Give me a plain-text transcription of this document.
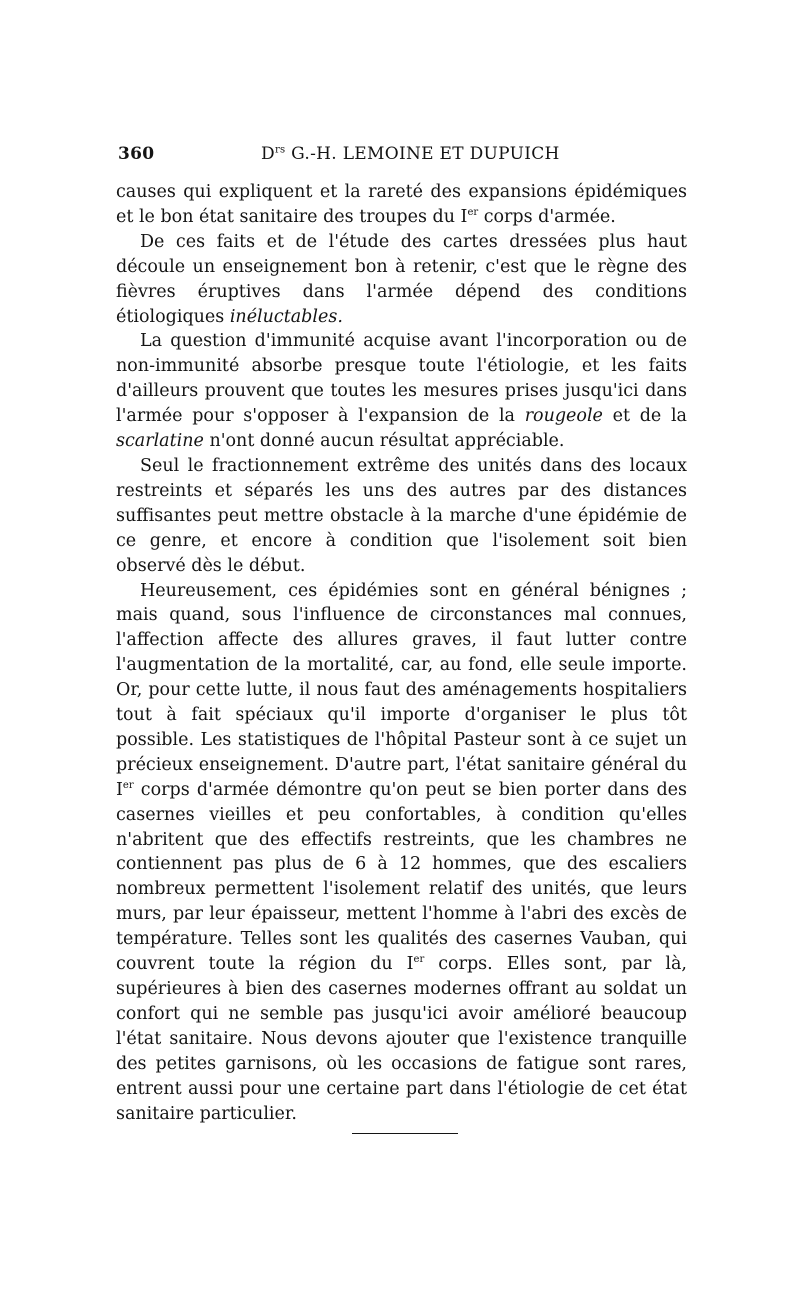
360	$D^{rs}$ G.-H. LEMOINE ET DUPUICH

causes qui expliquent et la rareté des expansions épidémiques et le bon état sanitaire des troupes du Ier corps d'armée.

De ces faits et de l'étude des cartes dressées plus haut découle un enseignement bon à retenir, c'est que le règne des fièvres éruptives dans l'armée dépend des conditions étiologiques inéluctables.

La question d'immunité acquise avant l'incorporation ou de non-immunité absorbe presque toute l'étiologie, et les faits d'ailleurs prouvent que toutes les mesures prises jusqu'ici dans l'armée pour s'opposer à l'expansion de la rougeole et de la scarlatine n'ont donné aucun résultat appréciable.

Seul le fractionnement extrême des unités dans des locaux restreints et séparés les uns des autres par des distances suffisantes peut mettre obstacle à la marche d'une épidémie de ce genre, et encore à condition que l'isolement soit bien observé dès le début.

Heureusement, ces épidémies sont en général bénignes ; mais quand, sous l'influence de circonstances mal connues, l'affection affecte des allures graves, il faut lutter contre l'augmentation de la mortalité, car, au fond, elle seule importe. Or, pour cette lutte, il nous faut des aménagements hospitaliers tout à fait spéciaux qu'il importe d'organiser le plus tôt possible. Les statistiques de l'hôpital Pasteur sont à ce sujet un précieux enseignement. D'autre part, l'état sanitaire général du Ier corps d'armée démontre qu'on peut se bien porter dans des casernes vieilles et peu confortables, à condition qu'elles n'abritent que des effectifs restreints, que les chambres ne contiennent pas plus de 6 à 12 hommes, que des escaliers nombreux permettent l'isolement relatif des unités, que leurs murs, par leur épaisseur, mettent l'homme à l'abri des excès de température. Telles sont les qualités des casernes Vauban, qui couvrent toute la région du Ier corps. Elles sont, par là, supérieures à bien des casernes modernes offrant au soldat un confort qui ne semble pas jusqu'ici avoir amélioré beaucoup l'état sanitaire. Nous devons ajouter que l'existence tranquille des petites garnisons, où les occasions de fatigue sont rares, entrent aussi pour une certaine part dans l'étiologie de cet état sanitaire particulier.
